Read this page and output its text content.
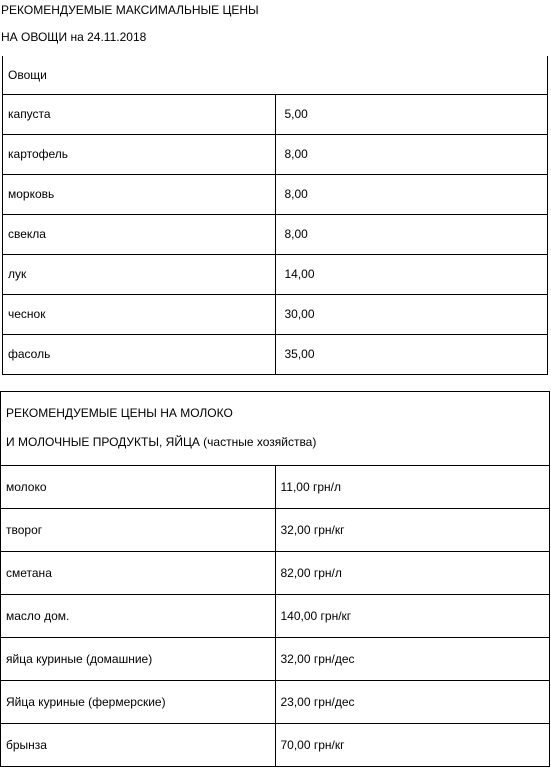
РЕКОМЕНДУЕМЫЕ МАКСИМАЛЬНЫЕ ЦЕНЫ
НА ОВОЩИ на 24.11.2018
Овощи	
капуста	5,00
картофель	8,00
морковь	8,00
свекла	8,00
лук	14,00
чеснок	30,00
фасоль	35,00
РЕКОМЕНДУЕМЫЕ ЦЕНЫ НА МОЛОКО
И МОЛОЧНЫЕ ПРОДУКТЫ, ЯЙЦА (частные хозяйства)	

молоко	11,00 грн/л
творог	32,00 грн/кг
сметана	82,00 грн/л
масло дом.	140,00 грн/кг
яйца куриные (домашние)	32,00 грн/дес
Яйца куриные (фермерские)	23,00 грн/дес
брынза	70,00 грн/кг
